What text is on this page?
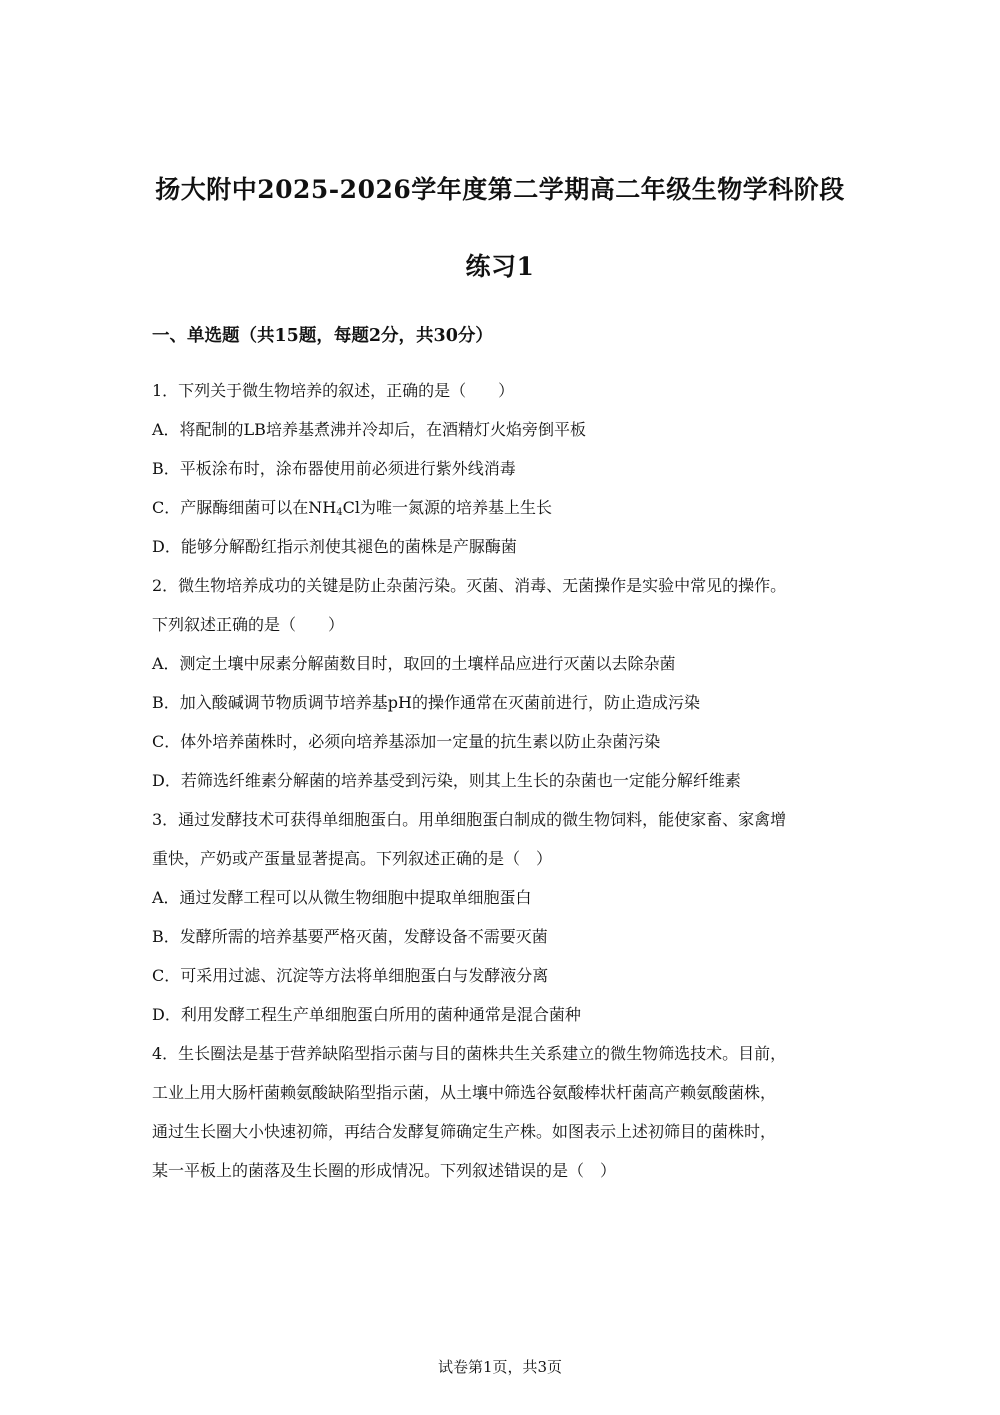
扬大附中2025-2026学年度第二学期高二年级生物学科阶段
练习1
一、单选题（共15题，每题2分，共30分）
1．下列关于微生物培养的叙述，正确的是（　　）
A．将配制的LB培养基煮沸并冷却后，在酒精灯火焰旁倒平板
B．平板涂布时，涂布器使用前必须进行紫外线消毒
C．产脲酶细菌可以在$NH_4Cl$为唯一氮源的培养基上生长
D．能够分解酚红指示剂使其褪色的菌株是产脲酶菌
2．微生物培养成功的关键是防止杂菌污染。灭菌、消毒、无菌操作是实验中常见的操作。
下列叙述正确的是（　　）
A．测定土壤中尿素分解菌数目时，取回的土壤样品应进行灭菌以去除杂菌
B．加入酸碱调节物质调节培养基pH的操作通常在灭菌前进行，防止造成污染
C．体外培养菌株时，必须向培养基添加一定量的抗生素以防止杂菌污染
D．若筛选纤维素分解菌的培养基受到污染，则其上生长的杂菌也一定能分解纤维素
3．通过发酵技术可获得单细胞蛋白。用单细胞蛋白制成的微生物饲料，能使家畜、家禽增
重快，产奶或产蛋量显著提高。下列叙述正确的是（　）
A．通过发酵工程可以从微生物细胞中提取单细胞蛋白
B．发酵所需的培养基要严格灭菌，发酵设备不需要灭菌
C．可采用过滤、沉淀等方法将单细胞蛋白与发酵液分离
D．利用发酵工程生产单细胞蛋白所用的菌种通常是混合菌种
4．生长圈法是基于营养缺陷型指示菌与目的菌株共生关系建立的微生物筛选技术。目前，
工业上用大肠杆菌赖氨酸缺陷型指示菌，从土壤中筛选谷氨酸棒状杆菌高产赖氨酸菌株，
通过生长圈大小快速初筛，再结合发酵复筛确定生产株。如图表示上述初筛目的菌株时，
某一平板上的菌落及生长圈的形成情况。下列叙述错误的是（　）
试卷第1页，共3页
